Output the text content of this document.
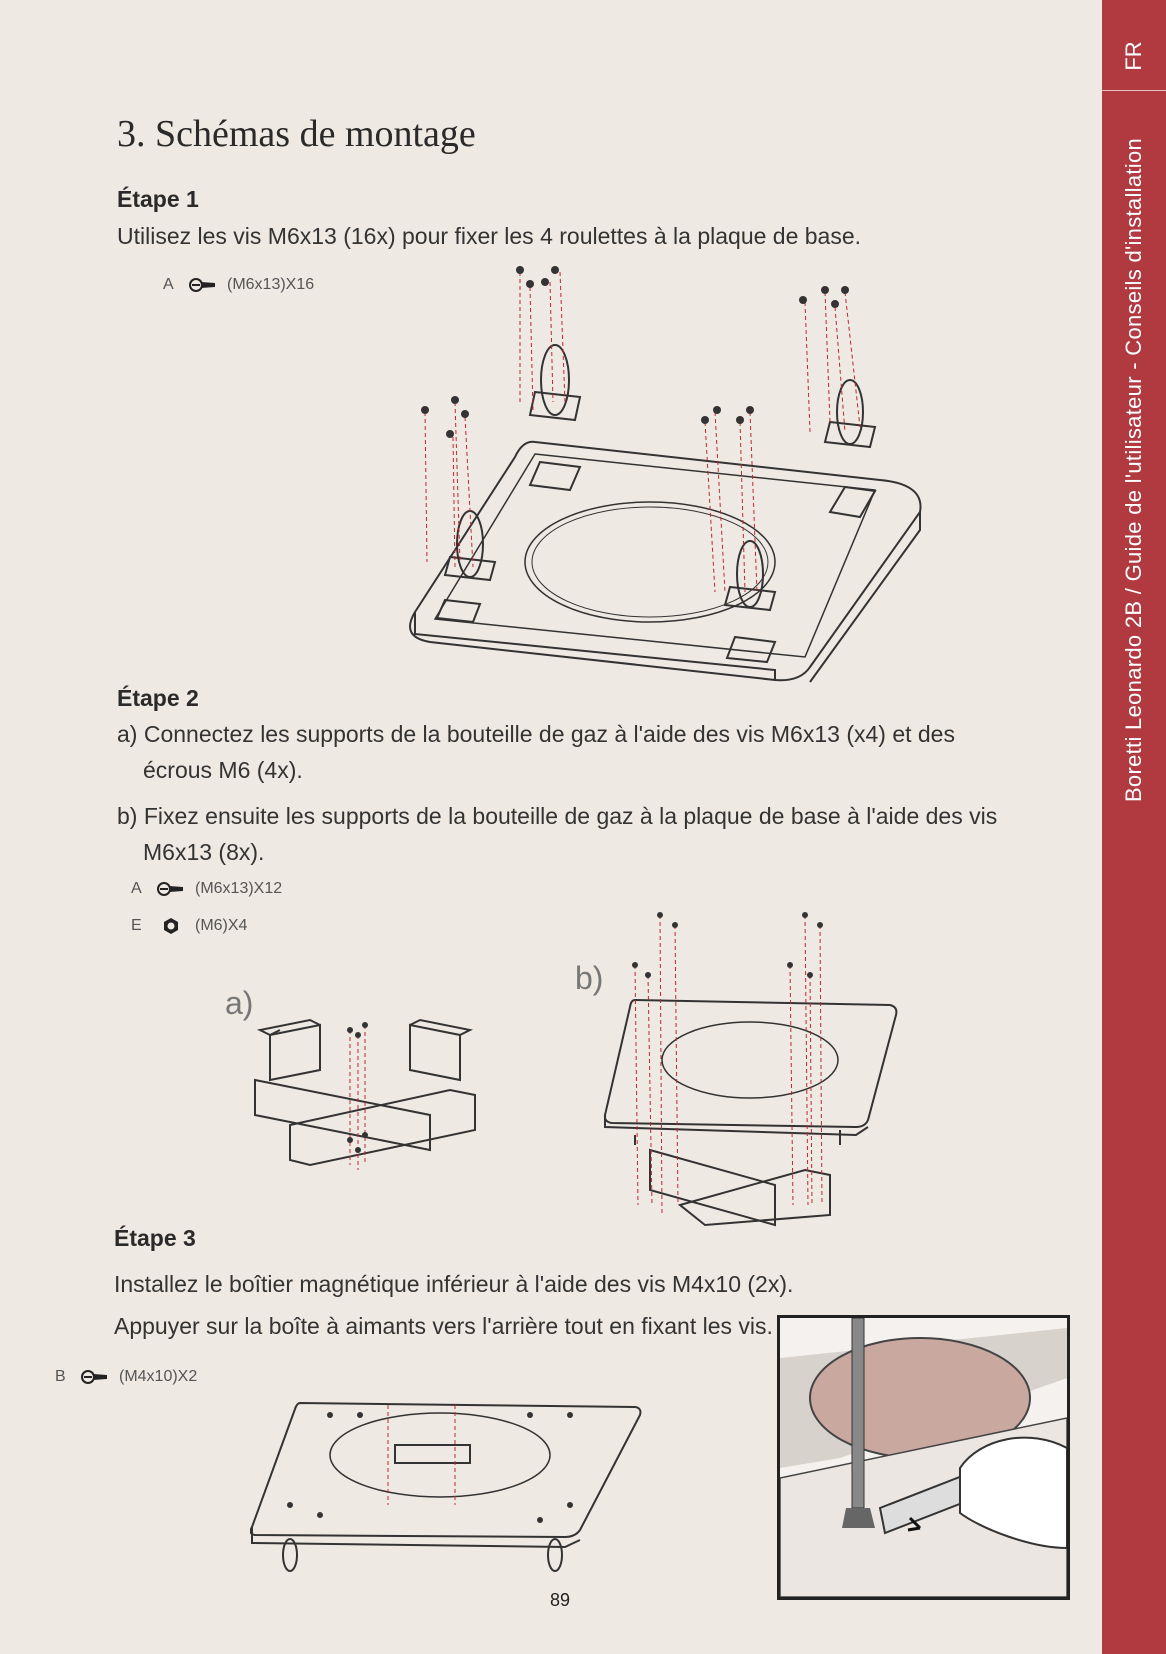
FR
Boretti Leonardo 2B / Guide de l'utilisateur - Conseils d'installation
3. Schémas de montage
Étape 1

Utilisez les vis M6x13 (16x) pour fixer les 4 roulettes à la plaque de base.

A	(M6x13)X16
Étape 2

a) Connectez les supports de la bouteille de gaz à l'aide des vis M6x13 (x4) et des écrous M6 (4x).

b) Fixez ensuite les supports de la bouteille de gaz à la plaque de base à l'aide des vis M6x13 (8x).

A	(M6x13)X12
E	(M6)X4
a)
b)
Étape 3

Installez le boîtier magnétique inférieur à l'aide des vis M4x10 (2x).

Appuyer sur la boîte à aimants vers l'arrière tout en fixant les vis.

B	(M4x10)X2
89
